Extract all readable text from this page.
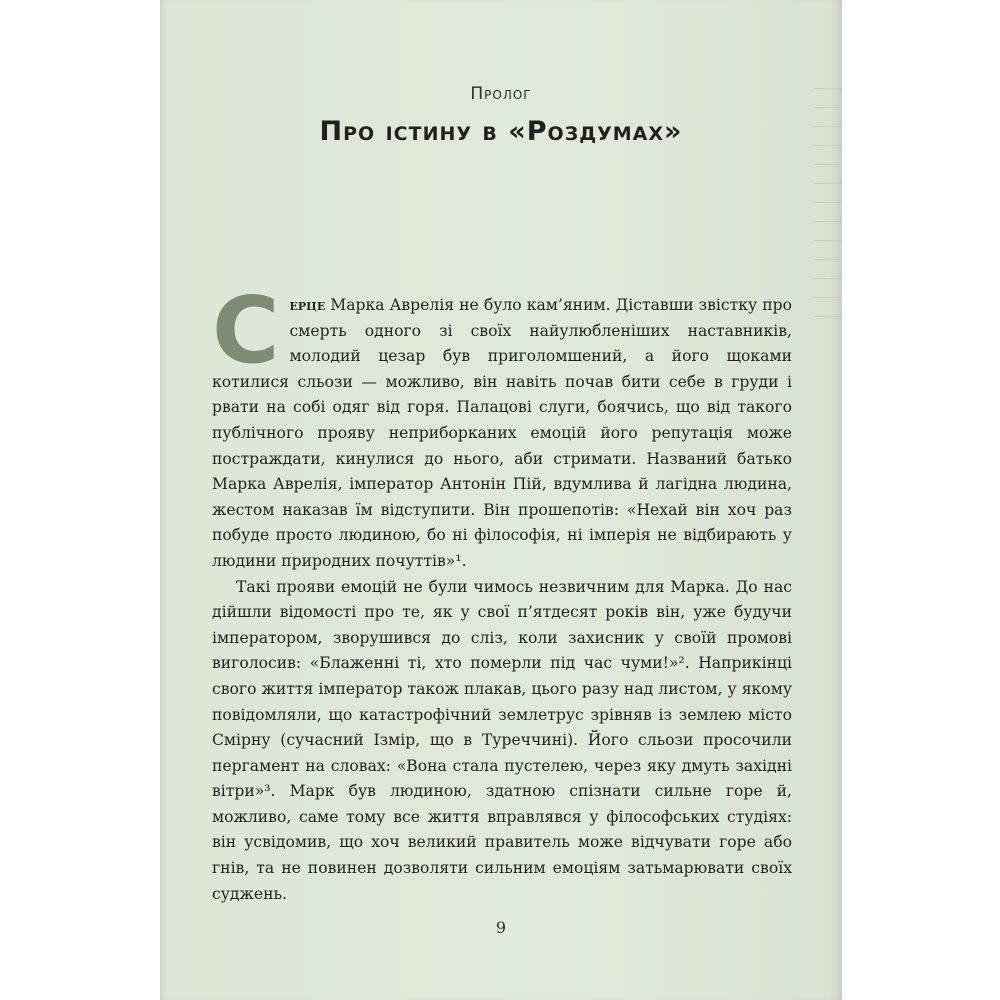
Пролог
Про істину в «Роздумах»

Серце Марка Аврелія не було кам’яним. Діставши звістку про смерть одного зі своїх найулюбленіших наставників, молодий цезар був приголомшений, а його щоками котилися сльози — можливо, він навіть почав бити себе в груди і рвати на собі одяг від горя. Палацові слуги, боячись, що від такого публічного прояву неприборканих емоцій його репутація може постраждати, кинулися до нього, аби стримати. Названий батько Марка Аврелія, імператор Антонін Пій, вдумлива й лагідна людина, жестом наказав їм відступити. Він прошепотів: «Нехай він хоч раз побуде просто людиною, бо ні філософія, ні імперія не відбирають у людини природних почуттів»¹.

Такі прояви емоцій не були чимось незвичним для Марка. До нас дійшли відомості про те, як у свої п’ятдесят років він, уже будучи імператором, зворушився до сліз, коли захисник у своїй промові виголосив: «Блаженні ті, хто померли під час чуми!»². Наприкінці свого життя імператор також плакав, цього разу над листом, у якому повідомляли, що катастрофічний землетрус зрівняв із землею місто Смірну (сучасний Ізмір, що в Туреччині). Його сльози просочили пергамент на словах: «Вона стала пустелею, через яку дмуть західні вітри»³. Марк був людиною, здатною спізнати сильне горе й, можливо, саме тому все життя вправлявся у філософських студіях: він усвідомив, що хоч великий правитель може відчувати горе або гнів, та не повинен дозволяти сильним емоціям затьмарювати своїх суджень.

9
